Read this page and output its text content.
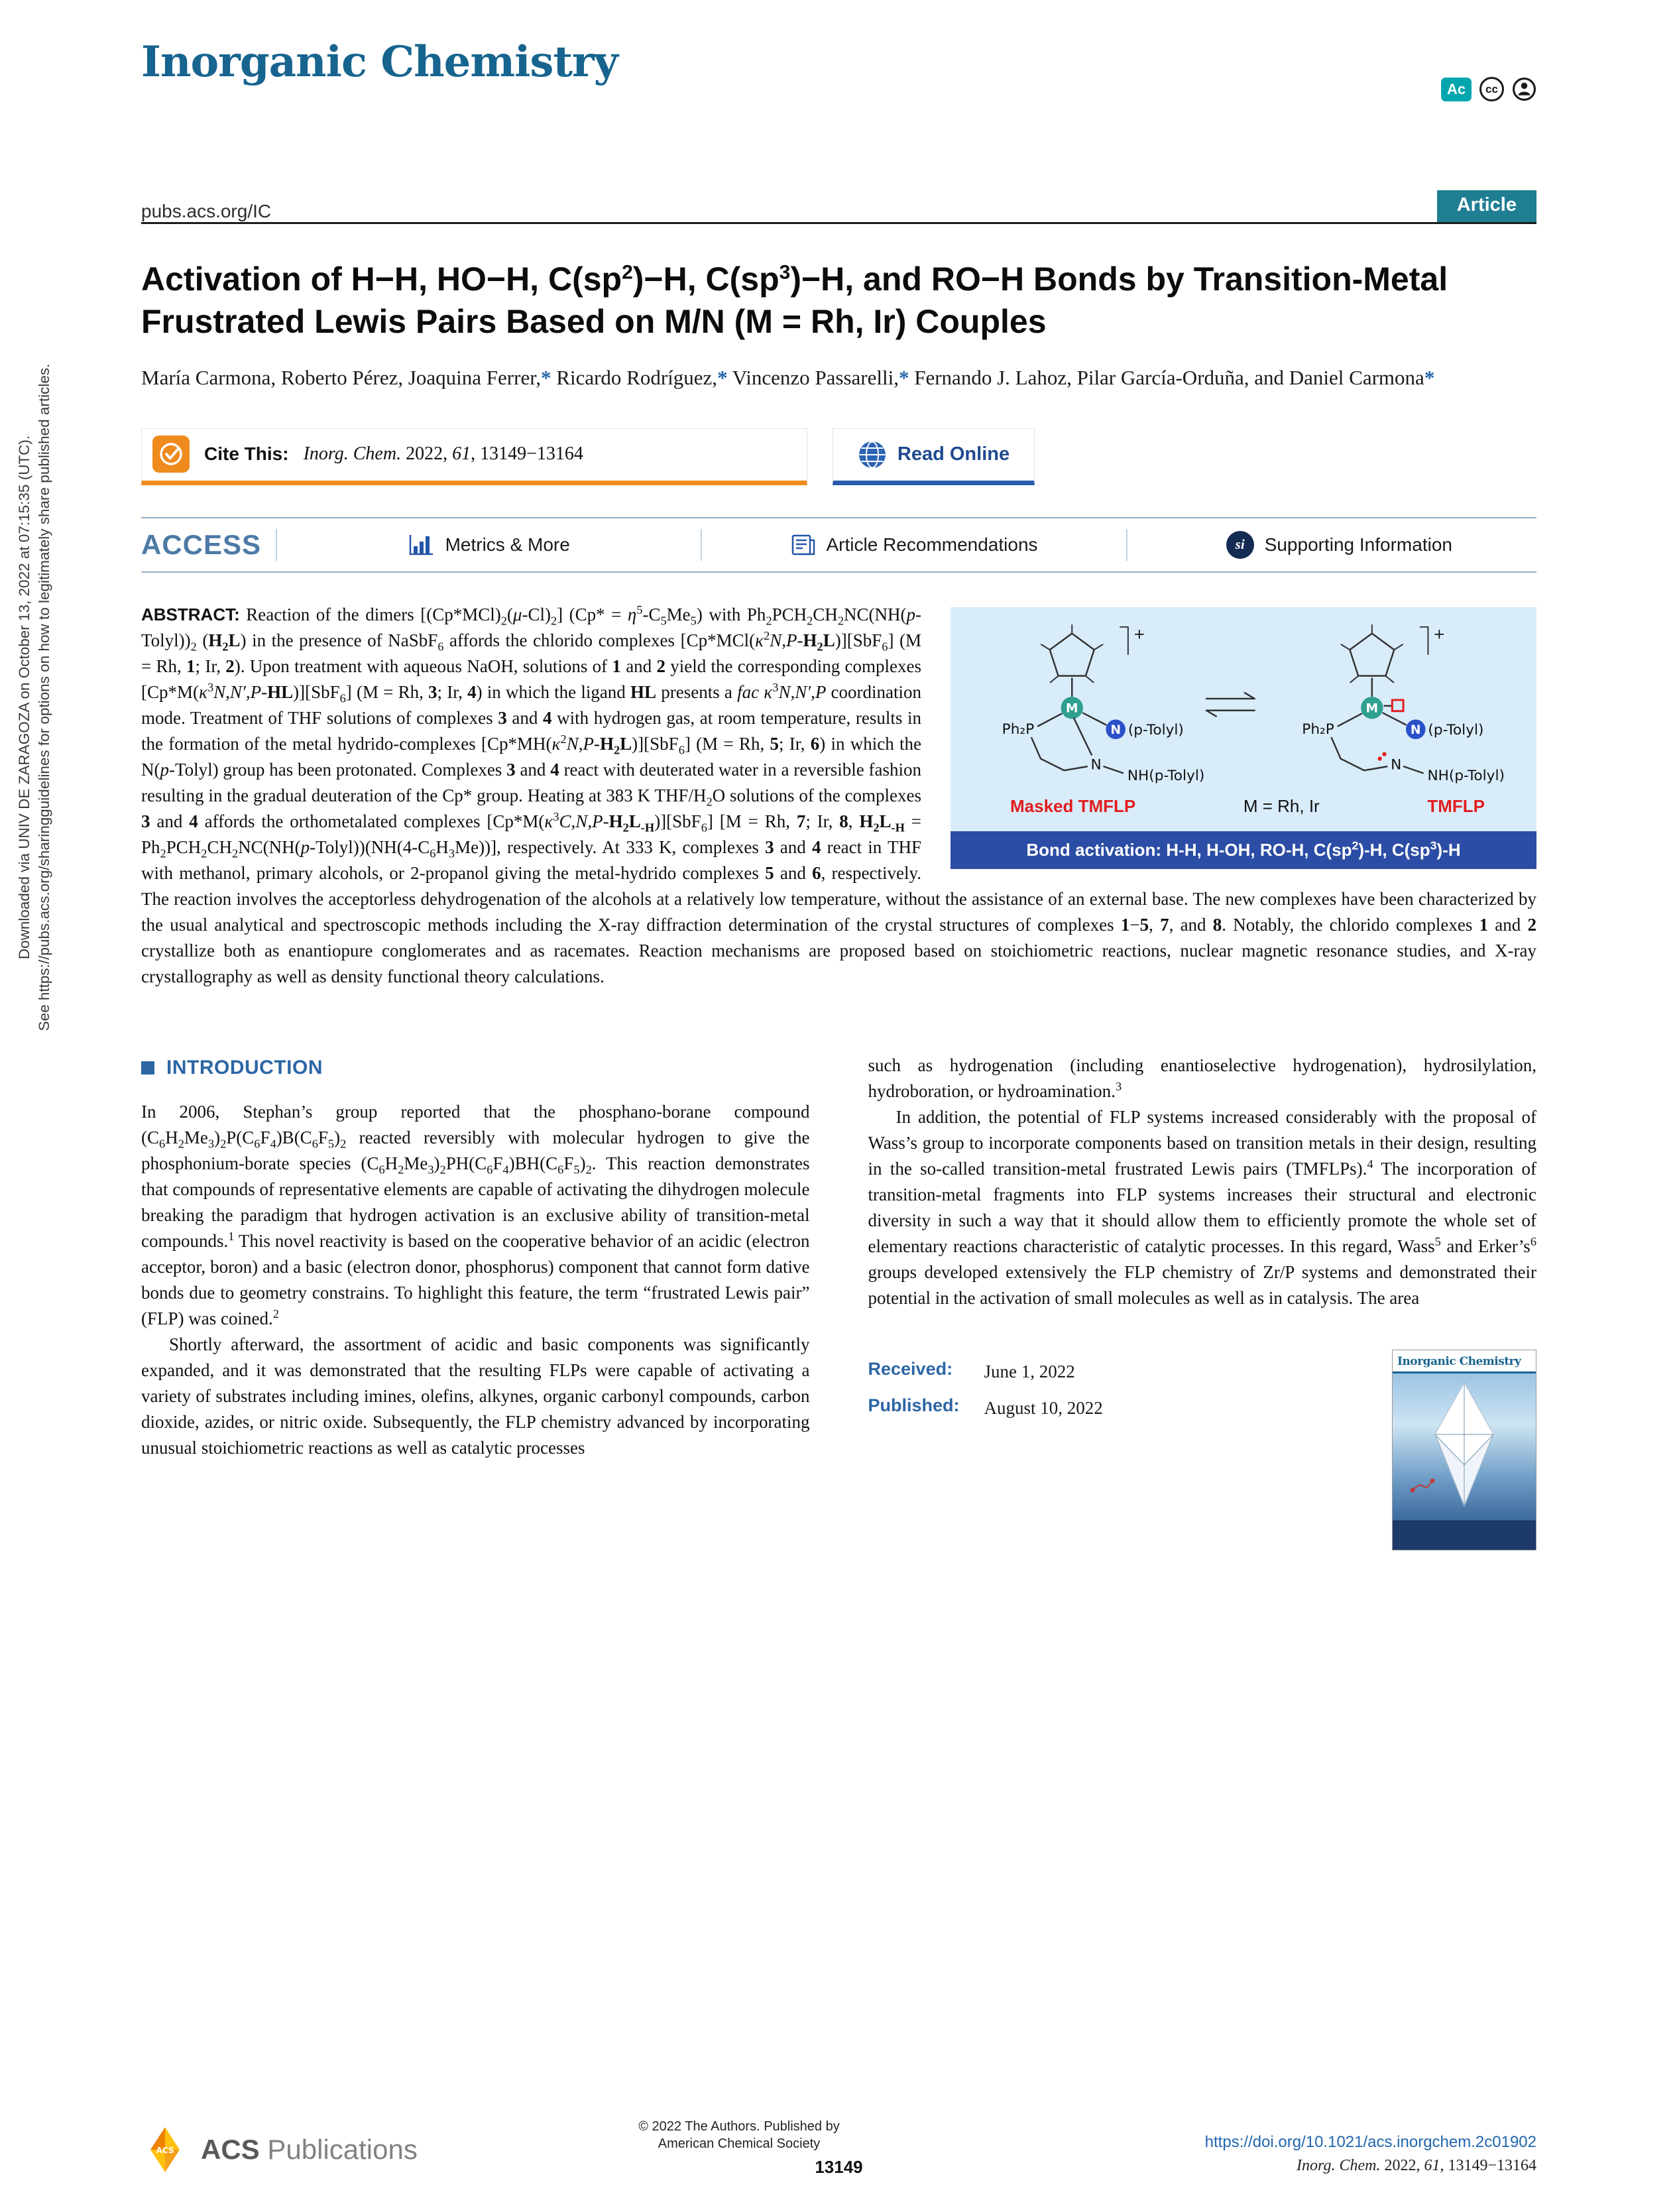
Downloaded via UNIV DE ZARAGOZA on October 13, 2022 at 07:15:35 (UTC). See https://pubs.acs.org/sharingguidelines for options on how to legitimately share published articles.
Inorganic Chemistry
Ac	cc
pubs.acs.org/IC	Article
Activation of H−H, HO−H, $C(sp^2)-H$, $C(sp^3)-H$, and RO−H Bonds by Transition-Metal Frustrated Lewis Pairs Based on M/N (M = Rh, Ir) Couples

María Carmona, Roberto Pérez, Joaquina Ferrer,* Ricardo Rodríguez,* Vincenzo Passarelli,* Fernando J. Lahoz, Pilar García-Orduña, and Daniel Carmona*

Cite This: Inorg. Chem. 2022, 61, 13149−13164	Read Online
ACCESS	Metrics & More	Article Recommendations	si	Supporting Information
+
M
Ph₂P	N (p-Tolyl)
N
NH(p-Tolyl)
+
M
Ph₂P	N (p-Tolyl)
N
NH(p-Tolyl)
Masked TMFLP	M = Rh, Ir	TMFLP
Bond activation: H-H, H-OH, RO-H, $C(sp^2)-H$, $C(sp^3)-H$

ABSTRACT: Reaction of the dimers $[(Cp*MCl)_2(\mu-Cl)_2] (Cp* = \eta^5-C_5Me_5)$ with $Ph_2PCH_2CH_2NC(NH(p-Tolyl))_2$ $(H_2L)$ in the presence of NaSbF$_6$ affords the chlorido complexes $[Cp*MCl(\kappa^2N,P-H_2L)][SbF_6] (M = Rh$, 1; Ir, 2). Upon treatment with aqueous NaOH, solutions of 1 and 2 yield the corresponding complexes $[Cp*M(\kappa^3N,N',P-HL)][SbF_6] (M = Rh$, 3; Ir, 4) in which the ligand HL presents a fac $\kappa^3N,N',P$ coordination mode. Treatment of THF solutions of complexes 3 and 4 with hydrogen gas, at room temperature, results in the formation of the metal hydrido-complexes $[Cp*MH(\kappa^2N,P-H_2L)][SbF_6] (M = Rh$, 5; Ir, 6) in which the N(p-Tolyl) group has been protonated. Complexes 3 and 4 react with deuterated water in a reversible fashion resulting in the gradual deuteration of the Cp* group. Heating at 383 K THF/$H_2O$ solutions of the complexes 3 and 4 affords the orthometalated complexes $[Cp*M(\kappa^3C,N,P-H_2L_{-H})][SbF_6] [M = Rh$, 7; Ir, 8, $H_2L_{-H}$ = $Ph_2PCH_2CH_2NC(NH(p-Tolyl))(NH(4-C_6H_3Me))$], respectively. At 333 K, complexes 3 and 4 react in THF with methanol, primary alcohols, or 2-propanol giving the metal-hydrido complexes 5 and 6, respectively. The reaction involves the acceptorless dehydrogenation of the alcohols at a relatively low temperature, without the assistance of an external base. The new complexes have been characterized by the usual analytical and spectroscopic methods including the X-ray diffraction determination of the crystal structures of complexes 1−5, 7, and 8. Notably, the chlorido complexes 1 and 2 crystallize both as enantiopure conglomerates and as racemates. Reaction mechanisms are proposed based on stoichiometric reactions, nuclear magnetic resonance studies, and X-ray crystallography as well as density functional theory calculations.

INTRODUCTION

In 2006, Stephan’s group reported that the phosphano-borane compound $(C_6H_2Me_3)_2P(C_6F_4)B(C_6F_5)_2$ reacted reversibly with molecular hydrogen to give the phosphonium-borate species $(C_6H_2Me_3)_2PH(C_6F_4)BH(C_6F_5)_2$. This reaction demonstrates that compounds of representative elements are capable of activating the dihydrogen molecule breaking the paradigm that hydrogen activation is an exclusive ability of transition-metal compounds.$^1$ This novel reactivity is based on the cooperative behavior of an acidic (electron acceptor, boron) and a basic (electron donor, phosphorus) component that cannot form dative bonds due to geometry constrains. To highlight this feature, the term “frustrated Lewis pair” (FLP) was coined.$^2$

Shortly afterward, the assortment of acidic and basic components was significantly expanded, and it was demonstrated that the resulting FLPs were capable of activating a variety of substrates including imines, olefins, alkynes, organic carbonyl compounds, carbon dioxide, azides, or nitric oxide. Subsequently, the FLP chemistry advanced by incorporating unusual stoichiometric reactions as well as catalytic processes

such as hydrogenation (including enantioselective hydrogenation), hydrosilylation, hydroboration, or hydroamination.$^3$

In addition, the potential of FLP systems increased considerably with the proposal of Wass’s group to incorporate components based on transition metals in their design, resulting in the so-called transition-metal frustrated Lewis pairs (TMFLPs).$^4$ The incorporation of transition-metal fragments into FLP systems increases their structural and electronic diversity in such a way that it should allow them to efficiently promote the whole set of elementary reactions characteristic of catalytic processes. In this regard, Wass$^5$ and $Erker’s^6$ groups developed extensively the FLP chemistry of Zr/P systems and demonstrated their potential in the activation of small molecules as well as in catalysis. The area

Received:	June 1, 2022
Published:	August 10, 2022
Inorganic Chemistry
ACS ACS Publications
© 2022 The Authors. Published by
American Chemical Society
13149
https://doi.org/10.1021/acs.inorgchem.2c01902
Inorg. Chem. 2022, 61, 13149−13164
